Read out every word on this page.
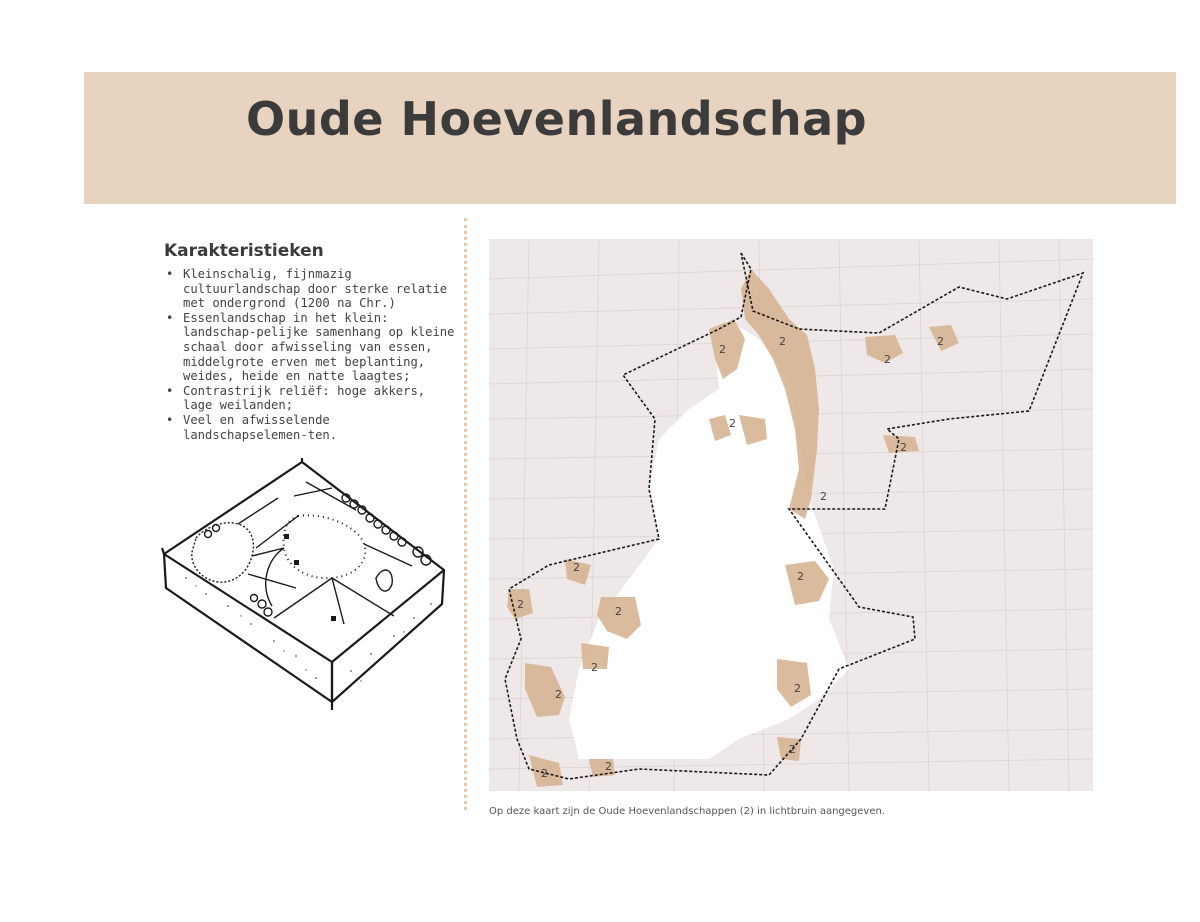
Oude Hoevenlandschap
Karakteristieken
• Kleinschalig, fijnmazig cultuurlandschap door sterke relatie met ondergrond (1200 na Chr.)
• Essenlandschap in het klein: landschap-pelijke samenhang op kleine schaal door afwisseling van essen, middelgrote erven met beplanting, weides, heide en natte laagtes;
• Contrastrijk reliëf: hoge akkers, lage weilanden;
• Veel en afwisselende landschapselemen-ten.
2
2
2
2
2
2
2
2
2
2
2
2
2	2
2
2
2

Op deze kaart zijn de Oude Hoevenlandschappen (2) in lichtbruin aangegeven.
